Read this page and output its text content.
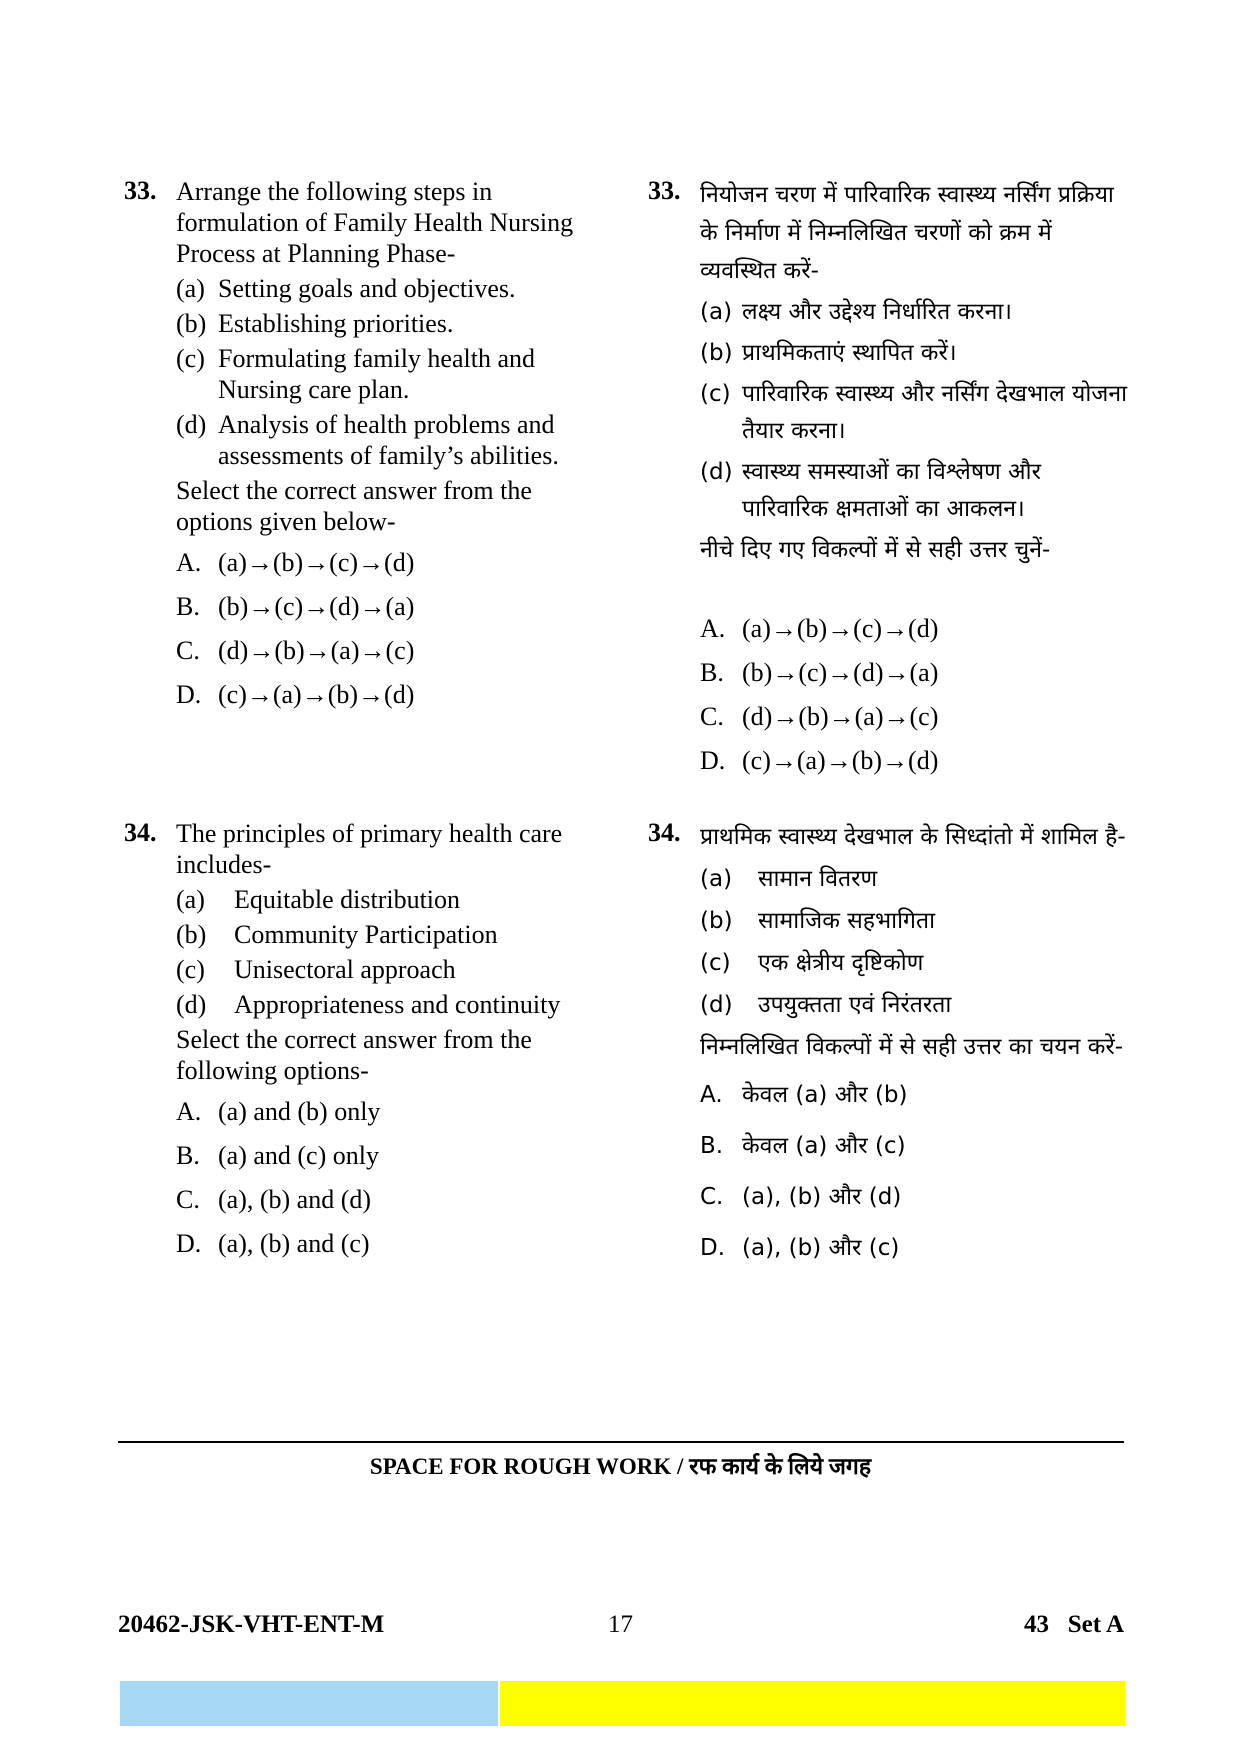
33. Arrange the following steps in formulation of Family Health Nursing Process at Planning Phase-
(a) Setting goals and objectives.
(b) Establishing priorities.
(c) Formulating family health and Nursing care plan.
(d) Analysis of health problems and assessments of family’s abilities.
Select the correct answer from the options given below-
A. (a)→(b)→(c)→(d)
B. (b)→(c)→(d)→(a)
C. (d)→(b)→(a)→(c)
D. (c)→(a)→(b)→(d)
33. नियोजन चरण में पारिवारिक स्वास्थ्य नर्सिंग प्रक्रिया के निर्माण में निम्नलिखित चरणों को क्रम में व्यवस्थित करें-
(a) लक्ष्य और उद्देश्य निर्धारित करना।
(b) प्राथमिकताएं स्थापित करें।
(c) पारिवारिक स्वास्थ्य और नर्सिंग देखभाल योजना तैयार करना।
(d) स्वास्थ्य समस्याओं का विश्लेषण और पारिवारिक क्षमताओं का आकलन।
नीचे दिए गए विकल्पों में से सही उत्तर चुनें-
A. (a)→(b)→(c)→(d)
B. (b)→(c)→(d)→(a)
C. (d)→(b)→(a)→(c)
D. (c)→(a)→(b)→(d)
34. The principles of primary health care includes-
(a)	Equitable distribution
(b)	Community Participation
(c)	Unisectoral approach
(d)	Appropriateness and continuity
Select the correct answer from the following options-
A. (a) and (b) only
B. (a) and (c) only
C. (a), (b) and (d)
D. (a), (b) and (c)
34. प्राथमिक स्वास्थ्य देखभाल के सिध्दांतो में शामिल है-
(a)	सामान वितरण
(b)	सामाजिक सहभागिता
(c)	एक क्षेत्रीय दृष्टिकोण
(d)	उपयुक्तता एवं निरंतरता
निम्नलिखित विकल्पों में से सही उत्तर का चयन करें-
A. केवल (a) और (b)
B. केवल (a) और (c)
C. (a), (b) और (d)
D. (a), (b) और (c)
SPACE FOR ROUGH WORK / रफ कार्य के लिये जगह
20462-JSK-VHT-ENT-M	17	43   Set A
